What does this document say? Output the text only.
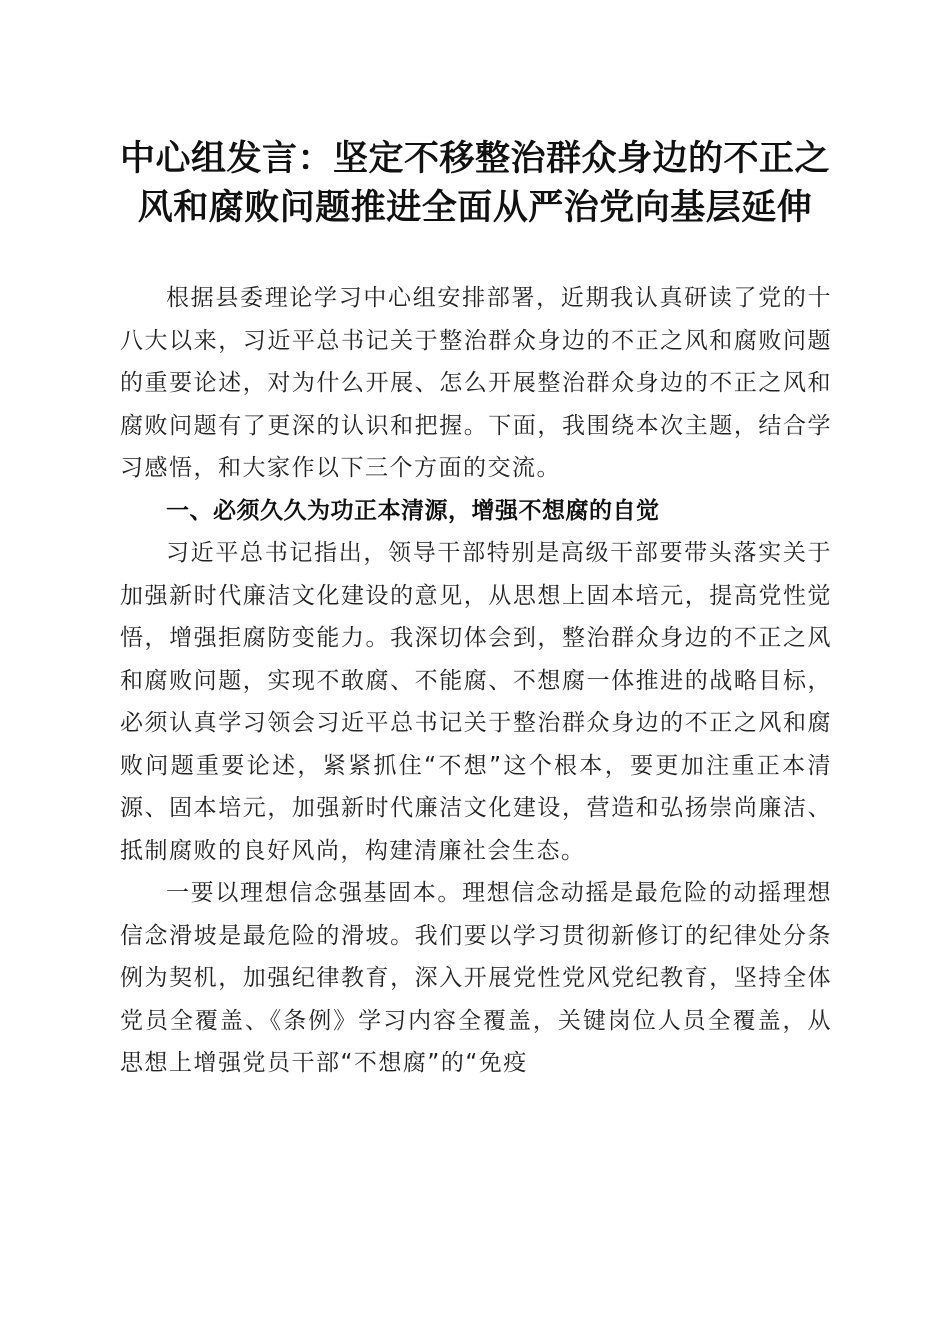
中心组发言：坚定不移整治群众身边的不正之
风和腐败问题推进全面从严治党向基层延伸

根据县委理论学习中心组安排部署，近期我认真研读了党的十八大以来，习近平总书记关于整治群众身边的不正之风和腐败问题的重要论述，对为什么开展、怎么开展整治群众身边的不正之风和腐败问题有了更深的认识和把握。下面，我围绕本次主题，结合学习感悟，和大家作以下三个方面的交流。

一、必须久久为功正本清源，增强不想腐的自觉

习近平总书记指出，领导干部特别是高级干部要带头落实关于加强新时代廉洁文化建设的意见，从思想上固本培元，提高党性觉悟，增强拒腐防变能力。我深切体会到，整治群众身边的不正之风和腐败问题，实现不敢腐、不能腐、不想腐一体推进的战略目标，必须认真学习领会习近平总书记关于整治群众身边的不正之风和腐败问题重要论述，紧紧抓住“不想”这个根本，要更加注重正本清源、固本培元，加强新时代廉洁文化建设，营造和弘扬崇尚廉洁、抵制腐败的良好风尚，构建清廉社会生态。

一要以理想信念强基固本。理想信念动摇是最危险的动摇理想信念滑坡是最危险的滑坡。我们要以学习贯彻新修订的纪律处分条例为契机，加强纪律教育，深入开展党性党风党纪教育，坚持全体党员全覆盖、《条例》学习内容全覆盖，关键岗位人员全覆盖，从思想上增强党员干部“不想腐”的“免疫
